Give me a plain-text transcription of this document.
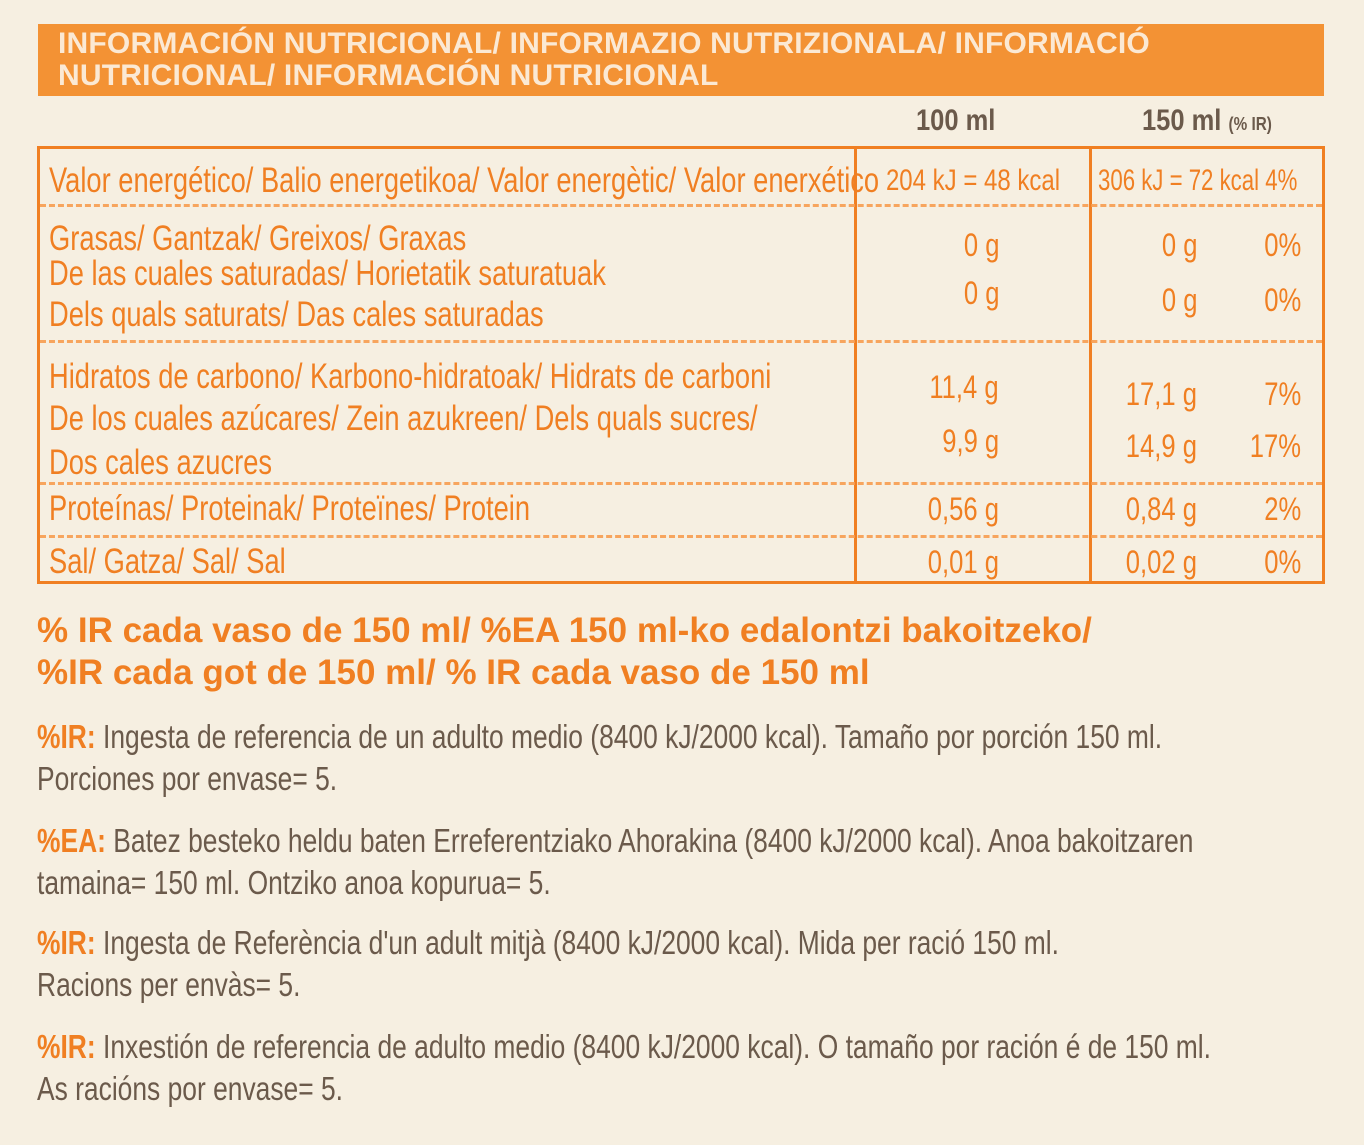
INFORMACIÓN NUTRICIONAL/ INFORMAZIO NUTRIZIONALA/ INFORMACIÓ
NUTRICIONAL/ INFORMACIÓN NUTRICIONAL
100 ml	150 ml (% IR)
Valor energético/ Balio energetikoa/ Valor energètic/ Valor enerxético 204 kJ = 48 kcal 306 kJ = 72 kcal 4%
Grasas/ Gantzak/ Greixos/ Graxas	0 g	0 g 0%
De las cuales saturadas/ Horietatik saturatuak
Dels quals saturats/ Das cales saturadas
0 g	0 g 0%
Hidratos de carbono/ Karbono-hidratoak/ Hidrats de carboni	11,4 g	17,1 g 7%
De los cuales azúcares/ Zein azukreen/ Dels quals sucres/
Dos cales azucres
9,9 g	14,9 g 17%
Proteínas/ Proteinak/ Proteïnes/ Protein	0,56 g	0,84 g 2%
Sal/ Gatza/ Sal/ Sal	0,01 g	0,02 g 0%
% IR cada vaso de 150 ml/ %EA 150 ml-ko edalontzi bakoitzeko/
%IR cada got de 150 ml/ % IR cada vaso de 150 ml
%IR: Ingesta de referencia de un adulto medio (8400 kJ/2000 kcal). Tamaño por porción 150 ml.
Porciones por envase= 5.
%EA: Batez besteko heldu baten Erreferentziako Ahorakina (8400 kJ/2000 kcal). Anoa bakoitzaren
tamaina= 150 ml. Ontziko anoa kopurua= 5.
%IR: Ingesta de Referència d'un adult mitjà (8400 kJ/2000 kcal). Mida per ració 150 ml.
Racions per envàs= 5.
%IR: Inxestión de referencia de adulto medio (8400 kJ/2000 kcal). O tamaño por ración é de 150 ml.
As racións por envase= 5.
